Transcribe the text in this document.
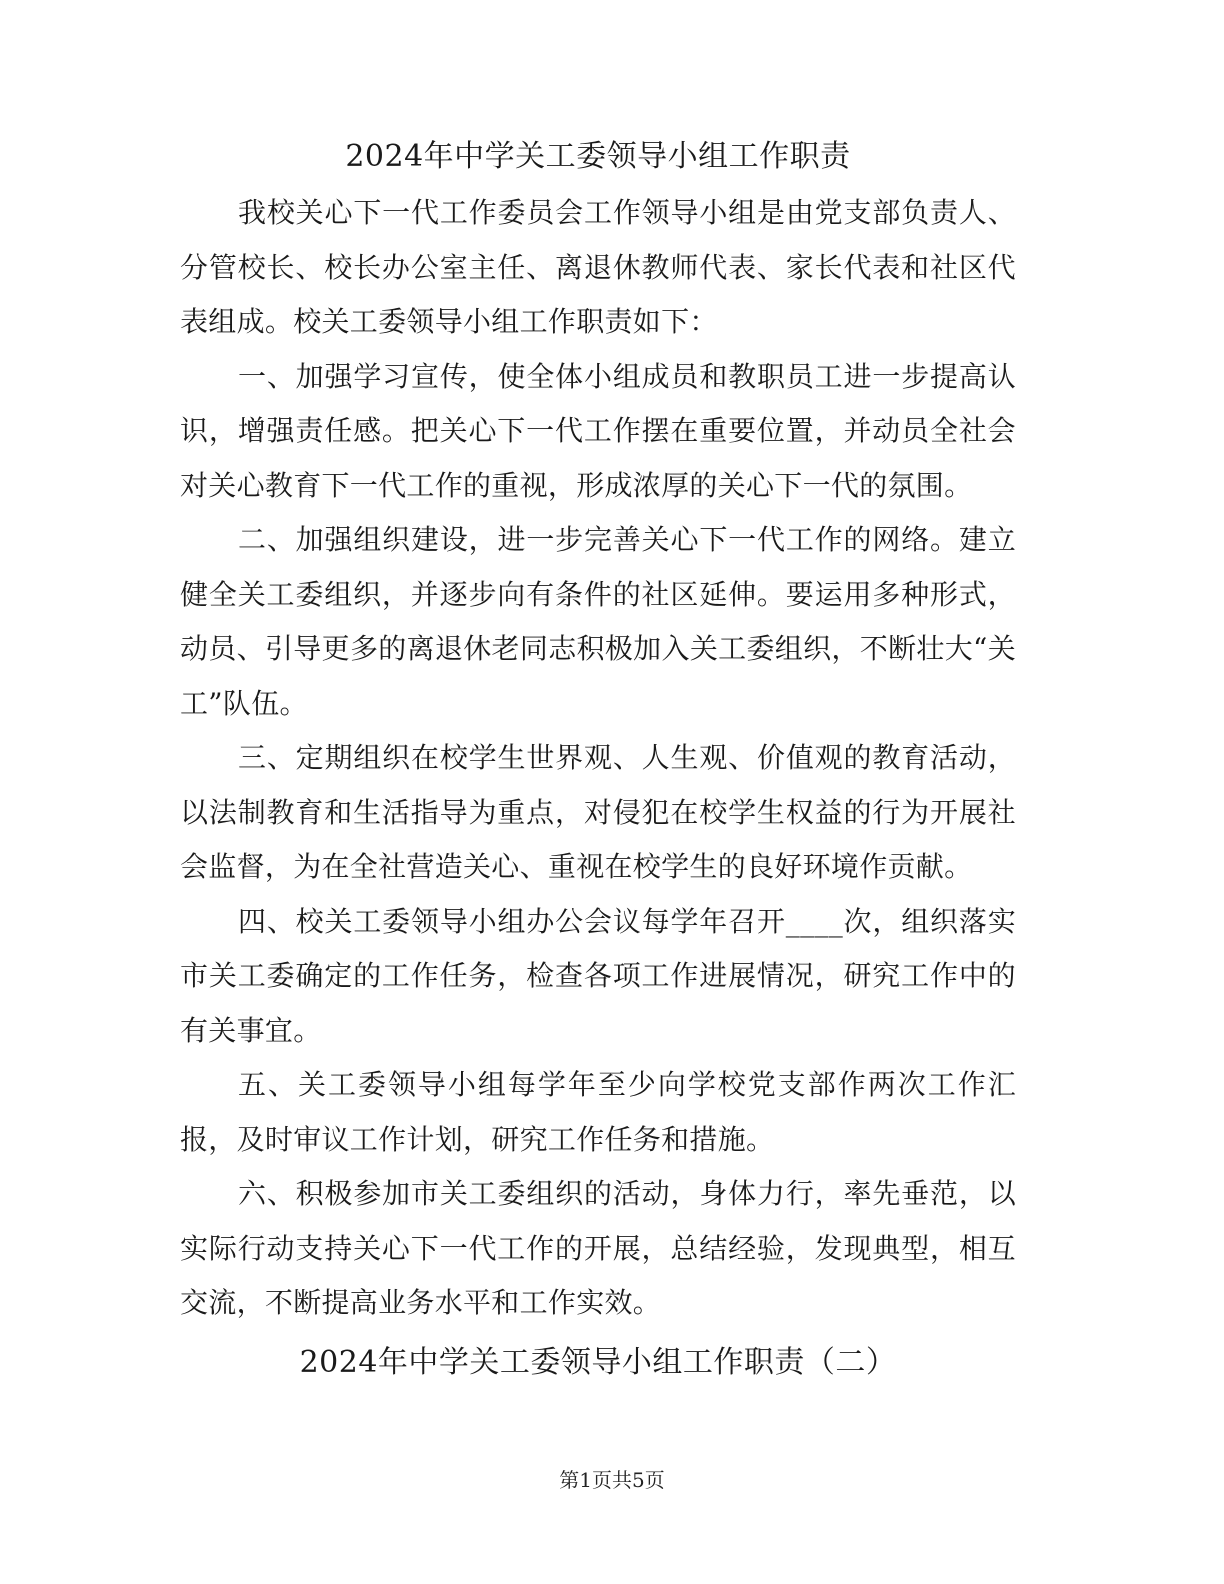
2024年中学关工委领导小组工作职责

我校关心下一代工作委员会工作领导小组是由党支部负责人、分管校长、校长办公室主任、离退休教师代表、家长代表和社区代表组成。校关工委领导小组工作职责如下：

一、加强学习宣传，使全体小组成员和教职员工进一步提高认识，增强责任感。把关心下一代工作摆在重要位置，并动员全社会对关心教育下一代工作的重视，形成浓厚的关心下一代的氛围。

二、加强组织建设，进一步完善关心下一代工作的网络。建立健全关工委组织，并逐步向有条件的社区延伸。要运用多种形式，动员、引导更多的离退休老同志积极加入关工委组织，不断壮大“关工”队伍。

三、定期组织在校学生世界观、人生观、价值观的教育活动，以法制教育和生活指导为重点，对侵犯在校学生权益的行为开展社会监督，为在全社营造关心、重视在校学生的良好环境作贡献。

四、校关工委领导小组办公会议每学年召开____次，组织落实市关工委确定的工作任务，检查各项工作进展情况，研究工作中的有关事宜。

五、关工委领导小组每学年至少向学校党支部作两次工作汇报，及时审议工作计划，研究工作任务和措施。

六、积极参加市关工委组织的活动，身体力行，率先垂范，以实际行动支持关心下一代工作的开展，总结经验，发现典型，相互交流，不断提高业务水平和工作实效。

2024年中学关工委领导小组工作职责（二）
第1页共5页
